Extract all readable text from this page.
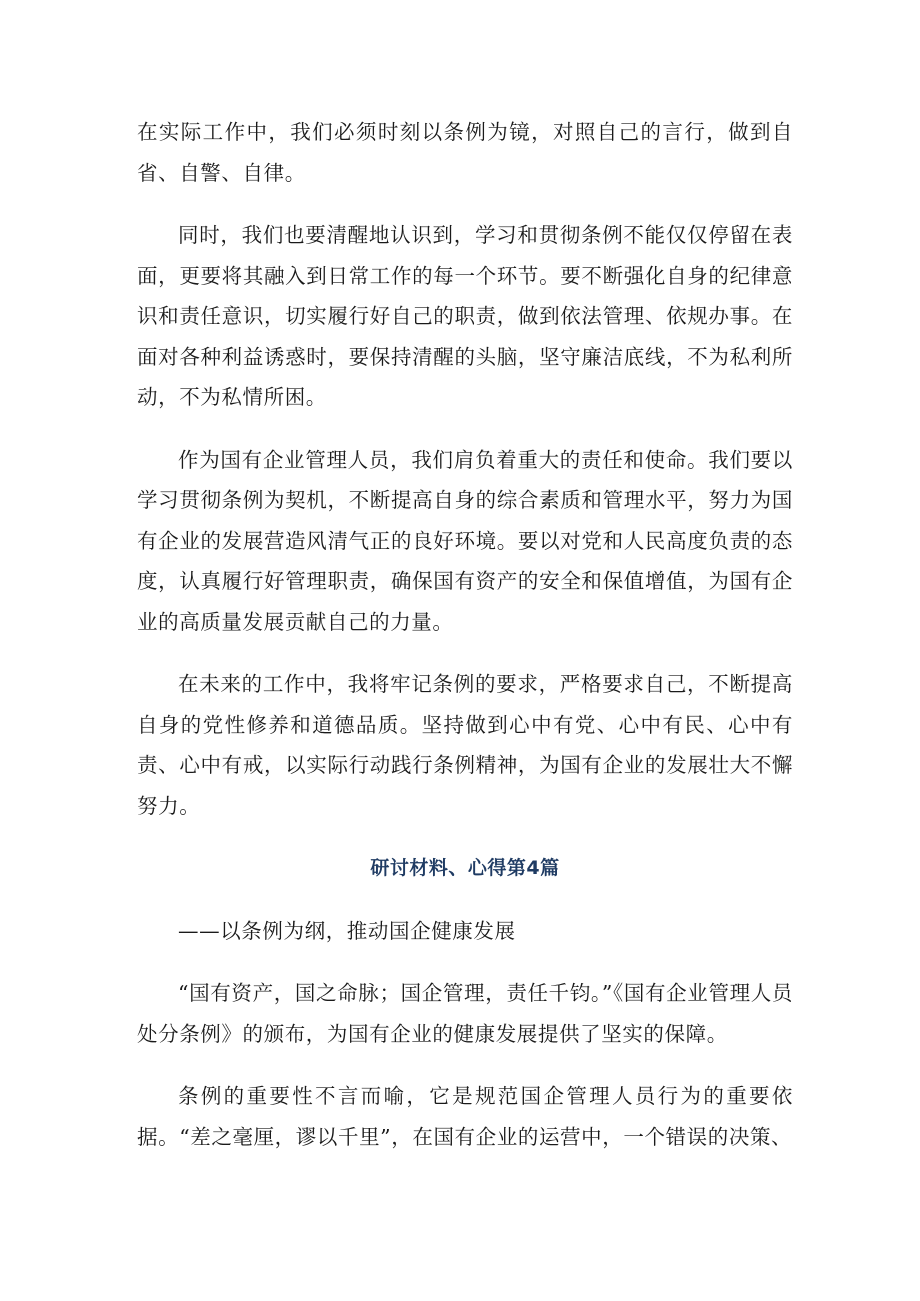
在实际工作中，我们必须时刻以条例为镜，对照自己的言行，做到自省、自警、自律。

同时，我们也要清醒地认识到，学习和贯彻条例不能仅仅停留在表面，更要将其融入到日常工作的每一个环节。要不断强化自身的纪律意识和责任意识，切实履行好自己的职责，做到依法管理、依规办事。在面对各种利益诱惑时，要保持清醒的头脑，坚守廉洁底线，不为私利所动，不为私情所困。

作为国有企业管理人员，我们肩负着重大的责任和使命。我们要以学习贯彻条例为契机，不断提高自身的综合素质和管理水平，努力为国有企业的发展营造风清气正的良好环境。要以对党和人民高度负责的态度，认真履行好管理职责，确保国有资产的安全和保值增值，为国有企业的高质量发展贡献自己的力量。

在未来的工作中，我将牢记条例的要求，严格要求自己，不断提高自身的党性修养和道德品质。坚持做到心中有党、心中有民、心中有责、心中有戒，以实际行动践行条例精神，为国有企业的发展壮大不懈努力。

研讨材料、心得第4篇

——以条例为纲，推动国企健康发展

“国有资产，国之命脉；国企管理，责任千钧。”《国有企业管理人员处分条例》的颁布，为国有企业的健康发展提供了坚实的保障。

条例的重要性不言而喻，它是规范国企管理人员行为的重要依据。“差之毫厘，谬以千里”，在国有企业的运营中，一个错误的决策、
